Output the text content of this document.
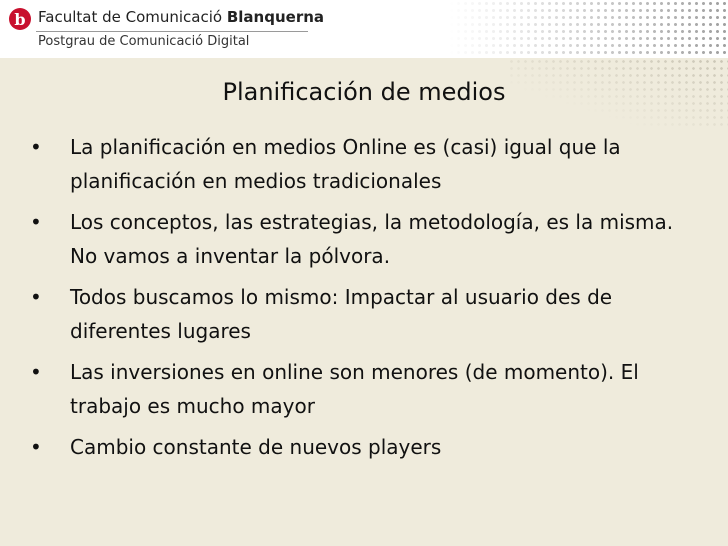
b Facultat de Comunicació Blanquerna
Postgrau de Comunicació Digital
Planificación de medios
• La planificación en medios Online es (casi) igual que la planificación en medios tradicionales
• Los conceptos, las estrategias, la metodología, es la misma. No vamos a inventar la pólvora.
• Todos buscamos lo mismo: Impactar al usuario des de diferentes lugares
• Las inversiones en online son menores (de momento). El trabajo es mucho mayor
• Cambio constante de nuevos players
